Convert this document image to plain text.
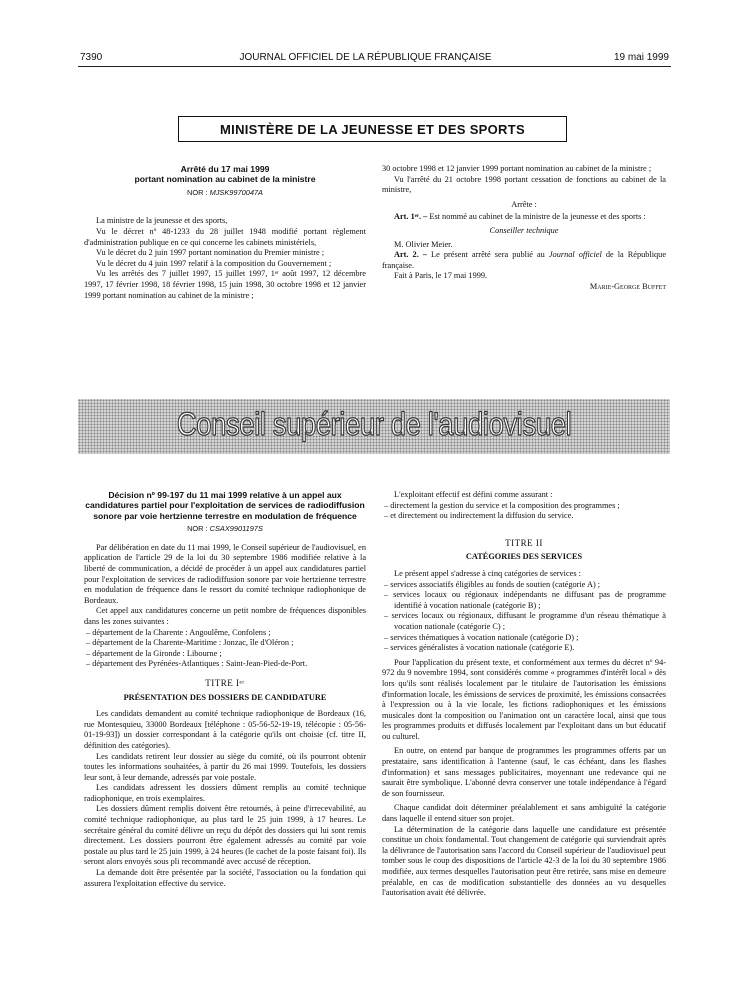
7390	JOURNAL OFFICIEL DE LA RÉPUBLIQUE FRANÇAISE	19 mai 1999
MINISTÈRE DE LA JEUNESSE ET DES SPORTS
Arrêté du 17 mai 1999
portant nomination au cabinet de la ministre
NOR : MJSK9970047A

La ministre de la jeunesse et des sports,

Vu le décret nº 48-1233 du 28 juillet 1948 modifié portant règlement d'administration publique en ce qui concerne les cabinets ministériels,

Vu le décret du 2 juin 1997 portant nomination du Premier ministre ;

Vu le décret du 4 juin 1997 relatif à la composition du Gouvernement ;

Vu les arrêtés des 7 juillet 1997, 15 juillet 1997, 1ᵉʳ août 1997, 12 décembre 1997, 17 février 1998, 18 février 1998, 15 juin 1998, 30 octobre 1998 et 12 janvier 1999 portant nomination au cabinet de la ministre ;

30 octobre 1998 et 12 janvier 1999 portant nomination au cabinet de la ministre ;

Vu l'arrêté du 21 octobre 1998 portant cessation de fonctions au cabinet de la ministre,

Arrête :

Art. 1ᵉʳ. – Est nommé au cabinet de la ministre de la jeunesse et des sports :

Conseiller technique

M. Olivier Meier.

Art. 2. – Le présent arrêté sera publié au Journal officiel de la République française.

Fait à Paris, le 17 mai 1999.

Marie-George Buffet
Conseil supérieur de l'audiovisuel
Décision nº 99-197 du 11 mai 1999 relative à un appel aux candidatures partiel pour l'exploitation de services de radiodiffusion sonore par voie hertzienne terrestre en modulation de fréquence
NOR : CSAX9901197S

Par délibération en date du 11 mai 1999, le Conseil supérieur de l'audiovisuel, en application de l'article 29 de la loi du 30 septembre 1986 modifiée relative à la liberté de communication, a décidé de procéder à un appel aux candidatures partiel pour l'exploitation de services de radiodiffusion sonore par voie hertzienne terrestre en modulation de fréquence dans le ressort du comité technique radiophonique de Bordeaux.

Cet appel aux candidatures concerne un petit nombre de fréquences disponibles dans les zones suivantes :

– département de la Charente : Angoulême, Confolens ;

– département de la Charente-Maritime : Jonzac, île d'Oléron ;

– département de la Gironde : Libourne ;

– département des Pyrénées-Atlantiques : Saint-Jean-Pied-de-Port.

TITRE Iᵉʳ
PRÉSENTATION DES DOSSIERS DE CANDIDATURE

Les candidats demandent au comité technique radiophonique de Bordeaux (16, rue Montesquieu, 33000 Bordeaux [téléphone : 05-56-52-19-19, télécopie : 05-56-01-19-93]) un dossier correspondant à la catégorie qu'ils ont choisie (cf. titre II, définition des catégories).

Les candidats retirent leur dossier au siège du comité, où ils pourront obtenir toutes les informations souhaitées, à partir du 26 mai 1999. Toutefois, les dossiers leur sont, à leur demande, adressés par voie postale.

Les candidats adressent les dossiers dûment remplis au comité technique radiophonique, en trois exemplaires.

Les dossiers dûment remplis doivent être retournés, à peine d'irrecevabilité, au comité technique radiophonique, au plus tard le 25 juin 1999, à 17 heures. Le secrétaire général du comité délivre un reçu du dépôt des dossiers qui lui sont remis directement. Les dossiers pourront être également adressés au comité par voie postale au plus tard le 25 juin 1999, à 24 heures (le cachet de la poste faisant foi). Ils seront alors envoyés sous pli recommandé avec accusé de réception.

La demande doit être présentée par la société, l'association ou la fondation qui assurera l'exploitation effective du service.

L'exploitant effectif est défini comme assurant :

– directement la gestion du service et la composition des programmes ;

– et directement ou indirectement la diffusion du service.

TITRE II
CATÉGORIES DES SERVICES

Le présent appel s'adresse à cinq catégories de services :

– services associatifs éligibles au fonds de soutien (catégorie A) ;

– services locaux ou régionaux indépendants ne diffusant pas de programme identifié à vocation nationale (catégorie B) ;

– services locaux ou régionaux, diffusant le programme d'un réseau thématique à vocation nationale (catégorie C) ;

– services thématiques à vocation nationale (catégorie D) ;

– services généralistes à vocation nationale (catégorie E).

Pour l'application du présent texte, et conformément aux termes du décret nº 94-972 du 9 novembre 1994, sont considérés comme « programmes d'intérêt local » dès lors qu'ils sont réalisés localement par le titulaire de l'autorisation les émissions d'information locale, les émissions de services de proximité, les émissions consacrées à l'expression ou à la vie locale, les fictions radiophoniques et les émissions musicales dont la composition ou l'animation ont un caractère local, ainsi que tous les programmes produits et diffusés localement par l'exploitant dans un but éducatif ou culturel.

En outre, on entend par banque de programmes les programmes offerts par un prestataire, sans identification à l'antenne (sauf, le cas échéant, dans les flashes d'information) et sans messages publicitaires, moyennant une redevance qui ne saurait être symbolique. L'abonné devra conserver une totale indépendance à l'égard de son fournisseur.

Chaque candidat doit déterminer préalablement et sans ambiguïté la catégorie dans laquelle il entend situer son projet.

La détermination de la catégorie dans laquelle une candidature est présentée constitue un choix fondamental. Tout changement de catégorie qui surviendrait après la délivrance de l'autorisation sans l'accord du Conseil supérieur de l'audiovisuel peut tomber sous le coup des dispositions de l'article 42-3 de la loi du 30 septembre 1986 modifiée, aux termes desquelles l'autorisation peut être retirée, sans mise en demeure préalable, en cas de modification substantielle des données au vu desquelles l'autorisation avait été délivrée.
